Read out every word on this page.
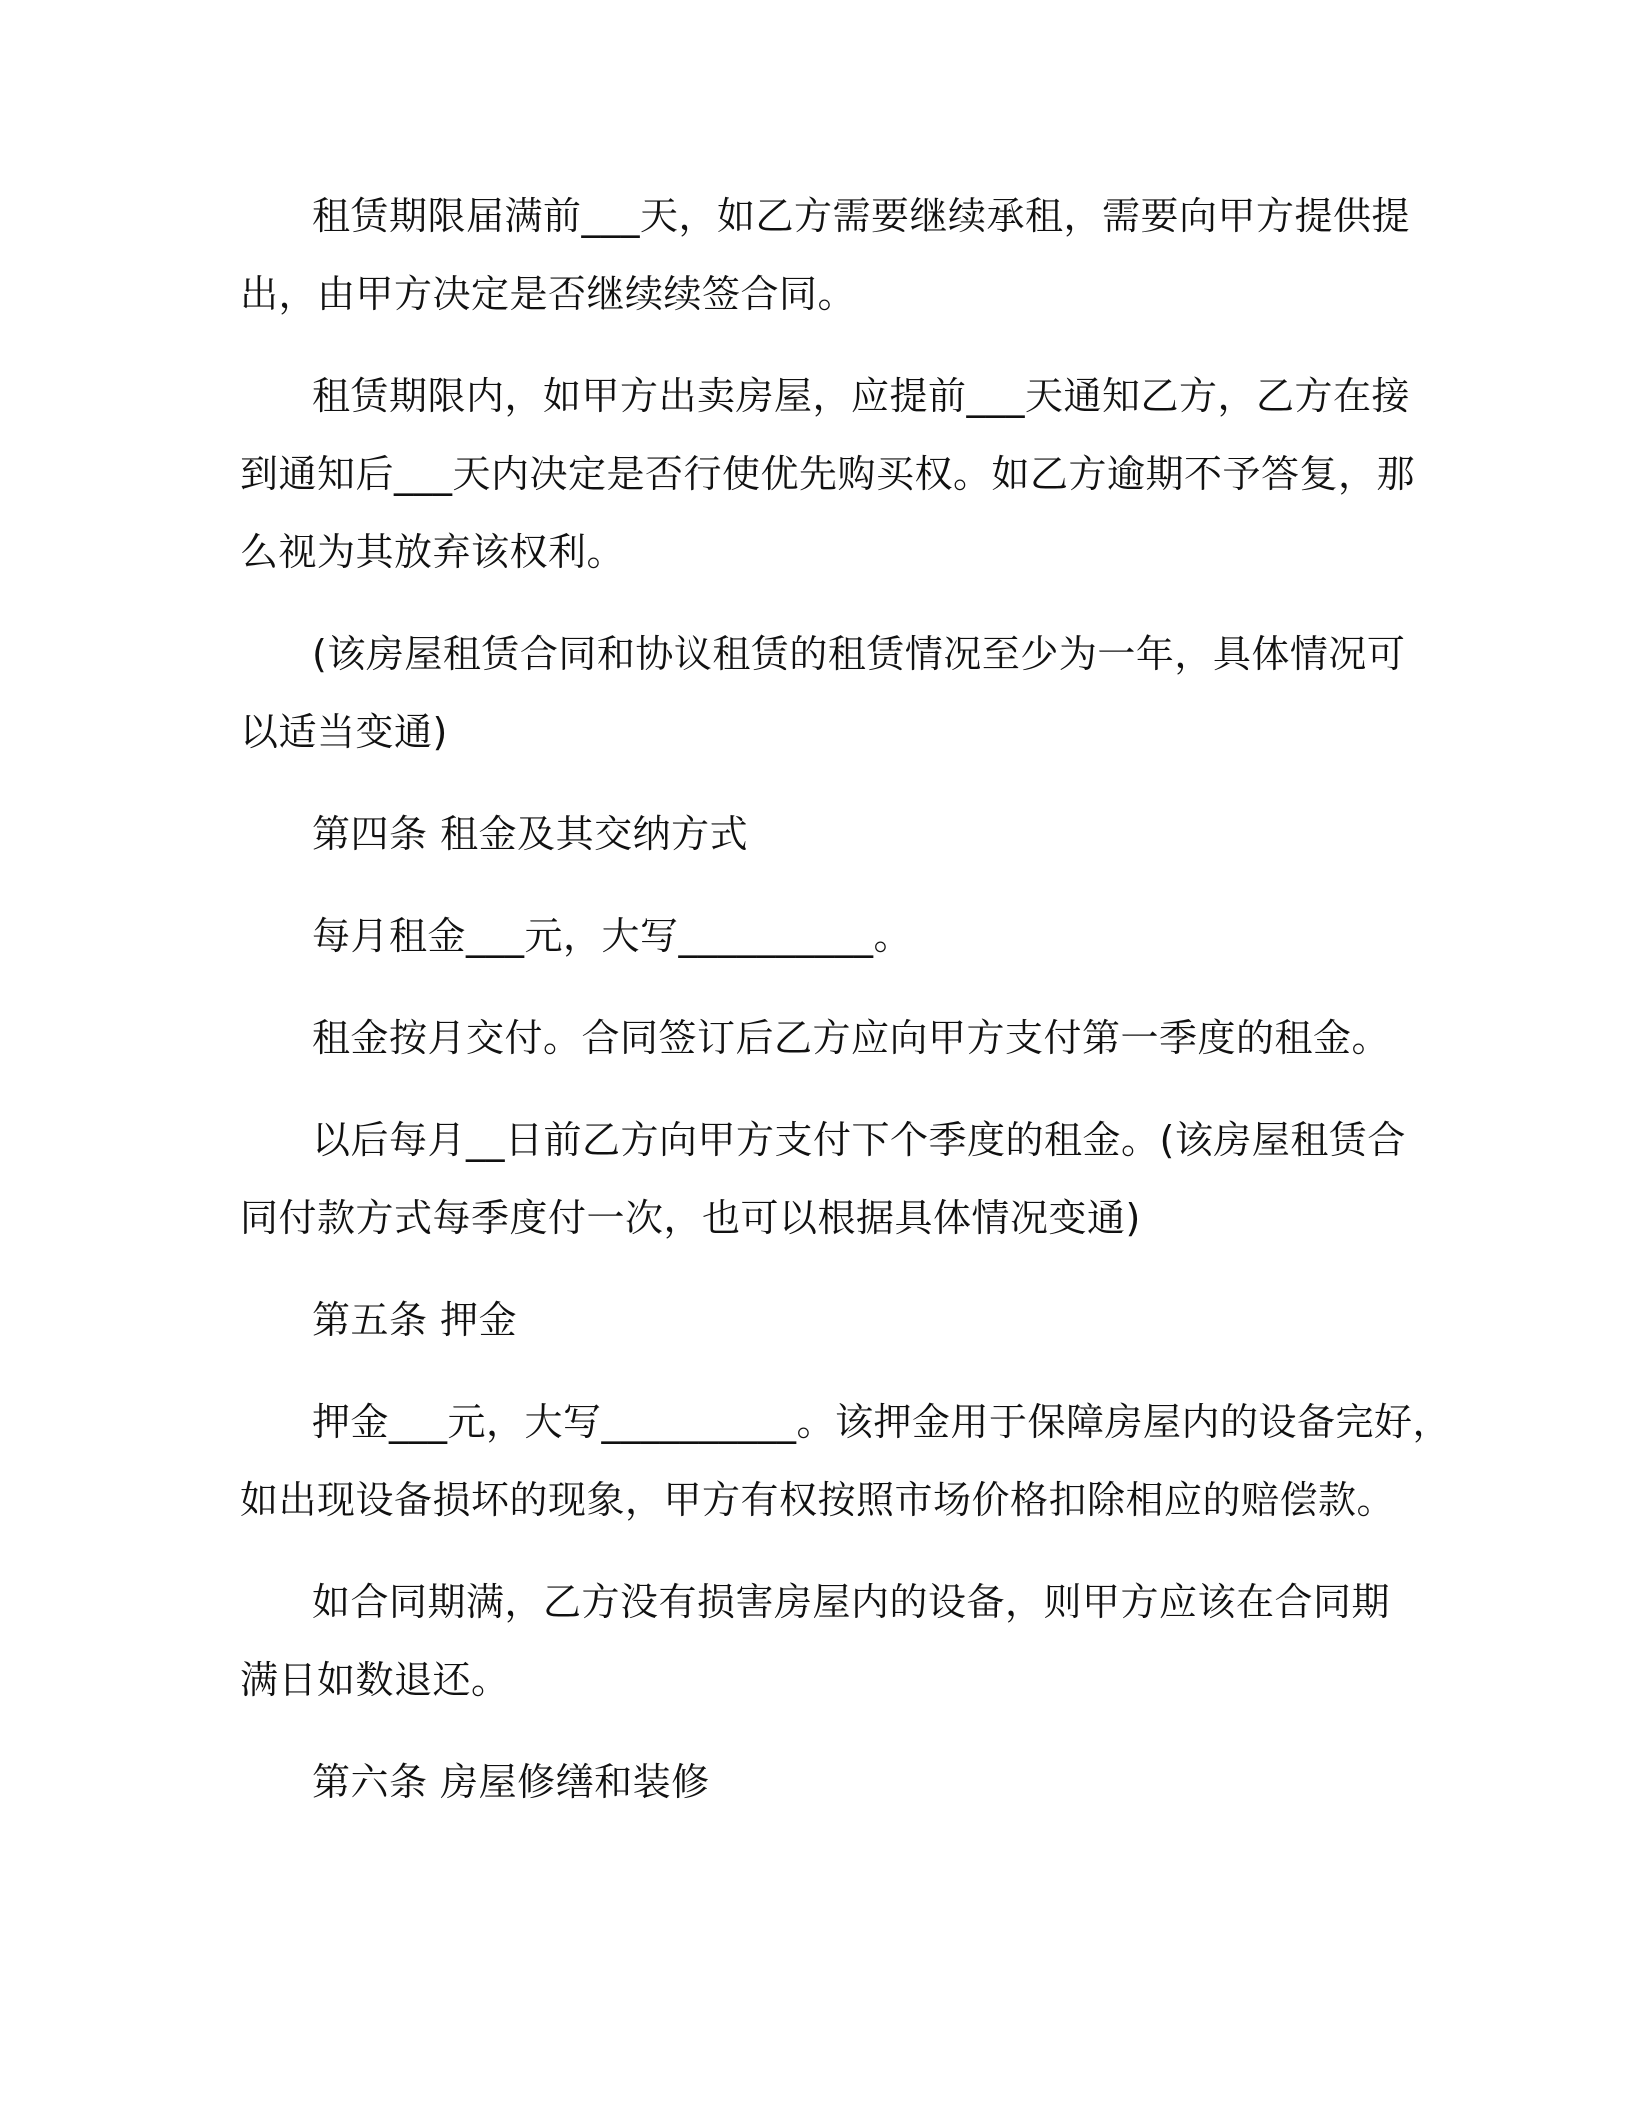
租赁期限届满前___天，如乙方需要继续承租，需要向甲方提供提
出，由甲方决定是否继续续签合同。
租赁期限内，如甲方出卖房屋，应提前___天通知乙方，乙方在接
到通知后___天内决定是否行使优先购买权。如乙方逾期不予答复，那
么视为其放弃该权利。
(该房屋租赁合同和协议租赁的租赁情况至少为一年，具体情况可
以适当变通)
第四条 租金及其交纳方式
每月租金___元，大写__________。
租金按月交付。合同签订后乙方应向甲方支付第一季度的租金。
以后每月__日前乙方向甲方支付下个季度的租金。(该房屋租赁合
同付款方式每季度付一次，也可以根据具体情况变通)
第五条 押金
押金___元，大写__________。该押金用于保障房屋内的设备完好，
如出现设备损坏的现象，甲方有权按照市场价格扣除相应的赔偿款。
如合同期满，乙方没有损害房屋内的设备，则甲方应该在合同期
满日如数退还。
第六条 房屋修缮和装修
